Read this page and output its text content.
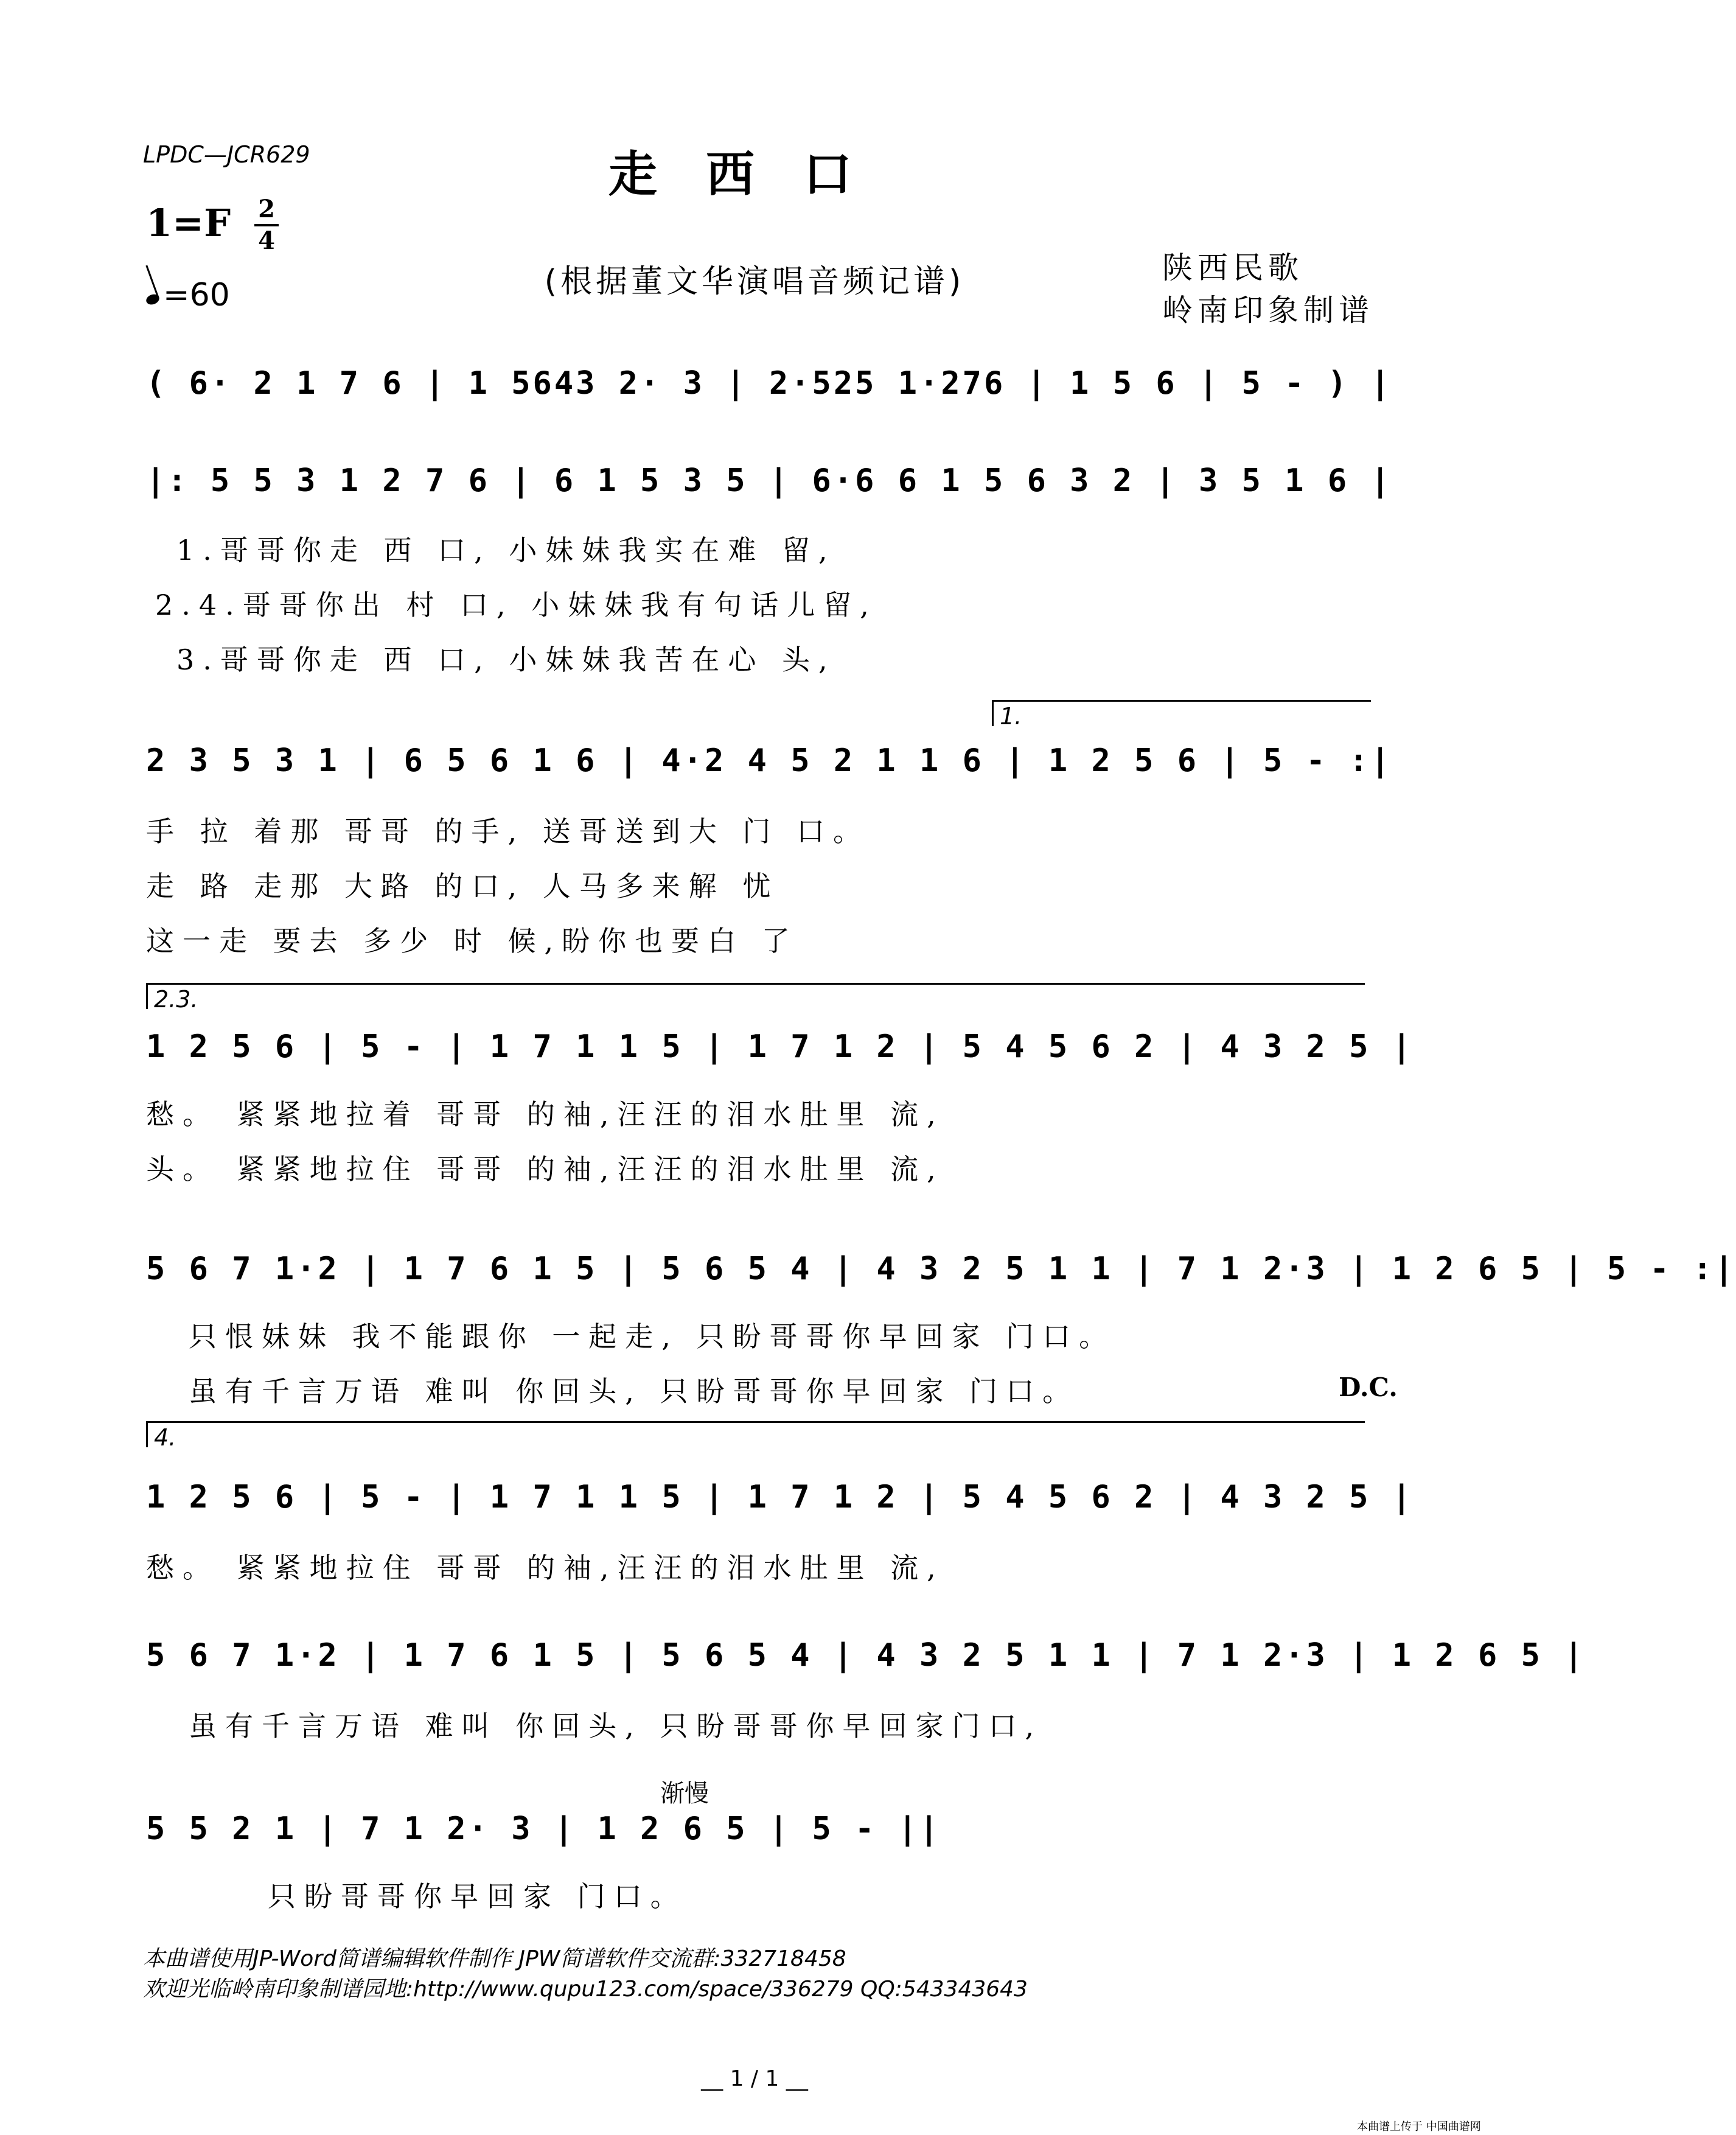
LPDC—JCR629	走西口
1=F 2
4
=60	(根据董文华演唱音频记谱)	陕西民歌
岭南印象制谱
( 6· 2 1 7 6 | 1 5643 2· 3 | 2·525 1·276 | 1 5 6 | 5 - ) |
|: 5 5 3 1 2 7 6 | 6 1 5 3 5 | 6·6 6 1 5 6 3 2 | 3 5 1 6 |
1.哥哥你走 西 口, 小妹妹我实在难 留,
2.4.哥哥你出 村 口, 小妹妹我有句话儿留,
3.哥哥你走 西 口, 小妹妹我苦在心 头,
1.
2 3 5 3 1 | 6 5 6 1 6 | 4·2 4 5 2 1 1 6 | 1 2 5 6 | 5 - :|
手 拉 着那 哥哥 的手, 送哥送到大 门 口。
走 路 走那 大路 的口, 人马多来解 忧
这一走 要去 多少 时 候,盼你也要白 了
2.3.
1 2 5 6 | 5 - | 1 7 1 1 5 | 1 7 1 2 | 5 4 5 6 2 | 4 3 2 5 |
愁。 紧紧地拉着 哥哥 的袖,汪汪的泪水肚里 流,
头。 紧紧地拉住 哥哥 的袖,汪汪的泪水肚里 流,
5 6 7 1·2 | 1 7 6 1 5 | 5 6 5 4 | 4 3 2 5 1 1 | 7 1 2·3 | 1 2 6 5 | 5 - :|
只恨妹妹 我不能跟你 一起走, 只盼哥哥你早回家 门口。
虽有千言万语 难叫 你回头, 只盼哥哥你早回家 门口。	D.C.
4.
1 2 5 6 | 5 - | 1 7 1 1 5 | 1 7 1 2 | 5 4 5 6 2 | 4 3 2 5 |
愁。 紧紧地拉住 哥哥 的袖,汪汪的泪水肚里 流,
5 6 7 1·2 | 1 7 6 1 5 | 5 6 5 4 | 4 3 2 5 1 1 | 7 1 2·3 | 1 2 6 5 |
虽有千言万语 难叫 你回头, 只盼哥哥你早回家门口,
渐慢
5 5 2 1 | 7 1 2· 3 | 1 2 6 5 | 5 - ||
只盼哥哥你早回家 门口。
本曲谱使用JP-Word简谱编辑软件制作 JPW简谱软件交流群:332718458
欢迎光临岭南印象制谱园地:http://www.qupu123.com/space/336279 QQ:543343643
__ 1 / 1 __
本曲谱上传于 中国曲谱网
